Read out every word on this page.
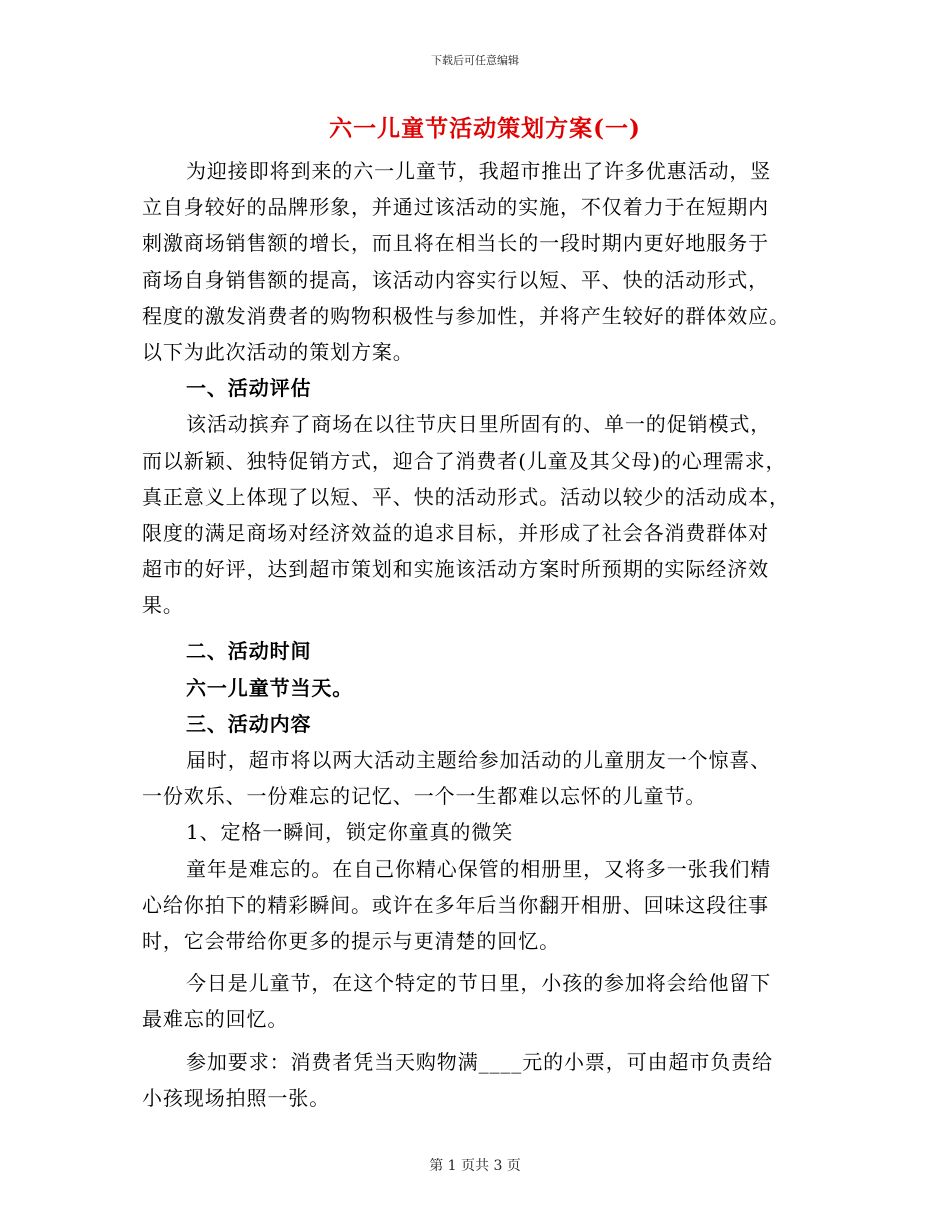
下载后可任意编辑
六一儿童节活动策划方案(一)
为迎接即将到来的六一儿童节，我超市推出了许多优惠活动，竖
立自身较好的品牌形象，并通过该活动的实施，不仅着力于在短期内
刺激商场销售额的增长，而且将在相当长的一段时期内更好地服务于
商场自身销售额的提高，该活动内容实行以短、平、快的活动形式，
程度的激发消费者的购物积极性与参加性，并将产生较好的群体效应。
以下为此次活动的策划方案。
一、活动评估
该活动摈弃了商场在以往节庆日里所固有的、单一的促销模式，
而以新颖、独特促销方式，迎合了消费者(儿童及其父母)的心理需求，
真正意义上体现了以短、平、快的活动形式。活动以较少的活动成本，
限度的满足商场对经济效益的追求目标，并形成了社会各消费群体对
超市的好评，达到超市策划和实施该活动方案时所预期的实际经济效
果。
二、活动时间
六一儿童节当天。
三、活动内容
届时，超市将以两大活动主题给参加活动的儿童朋友一个惊喜、
一份欢乐、一份难忘的记忆、一个一生都难以忘怀的儿童节。
1、定格一瞬间，锁定你童真的微笑
童年是难忘的。在自己你精心保管的相册里，又将多一张我们精
心给你拍下的精彩瞬间。或许在多年后当你翻开相册、回味这段往事
时，它会带给你更多的提示与更清楚的回忆。
今日是儿童节，在这个特定的节日里，小孩的参加将会给他留下
最难忘的回忆。
参加要求：消费者凭当天购物满____元的小票，可由超市负责给
小孩现场拍照一张。
第 1 页共 3 页
